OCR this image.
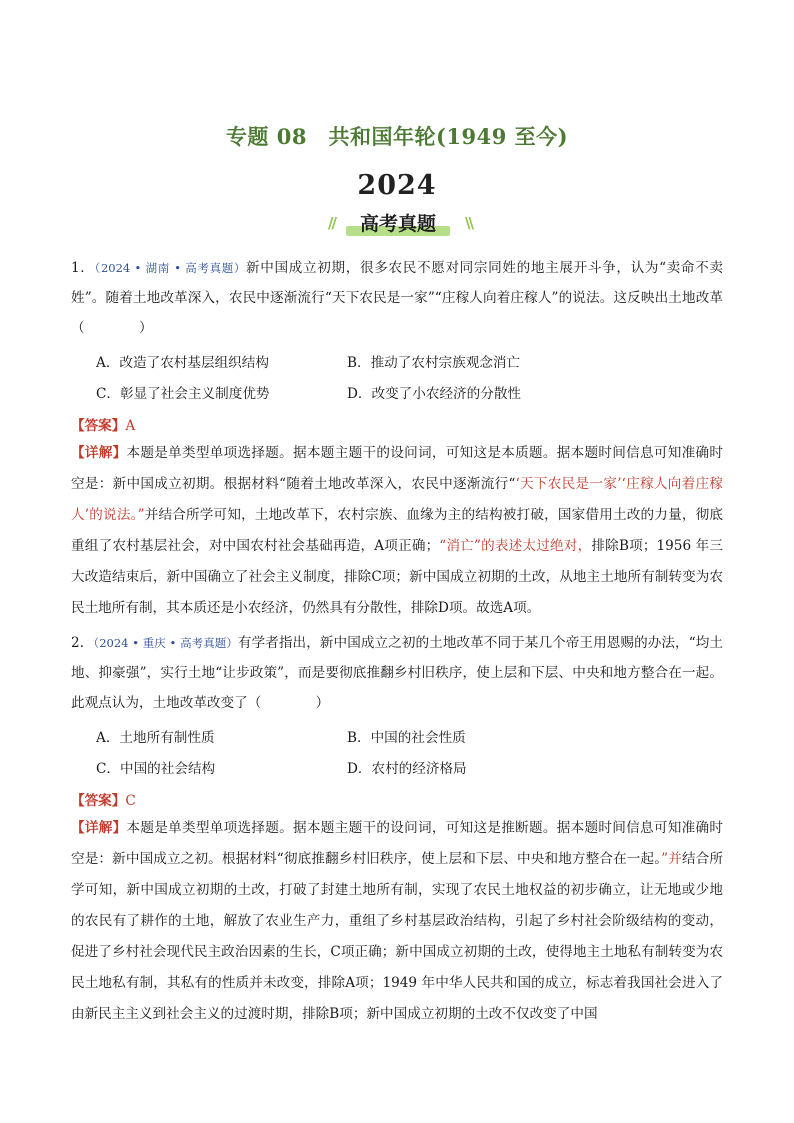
专题 08　共和国年轮(1949 至今)
2024
//	高考真题	\\
1．（2024 • 湖南 • 高考真题）新中国成立初期，很多农民不愿对同宗同姓的地主展开斗争，认为“卖命不卖姓”。随着土地改革深入，农民中逐渐流行“天下农民是一家”“庄稼人向着庄稼人”的说法。这反映出土地改革（　　　　）
A．改造了农村基层组织结构	B．推动了农村宗族观念消亡
C．彰显了社会主义制度优势	D．改变了小农经济的分散性
【答案】A
【详解】本题是单类型单项选择题。据本题主题干的设问词，可知这是本质题。据本题时间信息可知准确时空是：新中国成立初期。根据材料“随着土地改革深入，农民中逐渐流行“‘天下农民是一家’‘庄稼人向着庄稼人’的说法。”并结合所学可知，土地改革下，农村宗族、血缘为主的结构被打破，国家借用土改的力量，彻底重组了农村基层社会，对中国农村社会基础再造，A项正确；“消亡”的表述太过绝对，排除B项；1956 年三大改造结束后，新中国确立了社会主义制度，排除C项；新中国成立初期的土改，从地主土地所有制转变为农民土地所有制，其本质还是小农经济，仍然具有分散性，排除D项。故选A项。
2．（2024 • 重庆 • 高考真题）有学者指出，新中国成立之初的土地改革不同于某几个帝王用恩赐的办法，“均土地、抑豪强”，实行土地“让步政策”，而是要彻底推翻乡村旧秩序，使上层和下层、中央和地方整合在一起。此观点认为，土地改革改变了（　　　　）
A．土地所有制性质	B．中国的社会性质
C．中国的社会结构	D．农村的经济格局
【答案】C
【详解】本题是单类型单项选择题。据本题主题干的设问词，可知这是推断题。据本题时间信息可知准确时空是：新中国成立之初。根据材料“彻底推翻乡村旧秩序，使上层和下层、中央和地方整合在一起。”并结合所学可知，新中国成立初期的土改，打破了封建土地所有制，实现了农民土地权益的初步确立，让无地或少地的农民有了耕作的土地，解放了农业生产力，重组了乡村基层政治结构，引起了乡村社会阶级结构的变动，促进了乡村社会现代民主政治因素的生长，C项正确；新中国成立初期的土改，使得地主土地私有制转变为农民土地私有制，其私有的性质并未改变，排除A项；1949 年中华人民共和国的成立，标志着我国社会进入了由新民主主义到社会主义的过渡时期，排除B项；新中国成立初期的土改不仅改变了中国
